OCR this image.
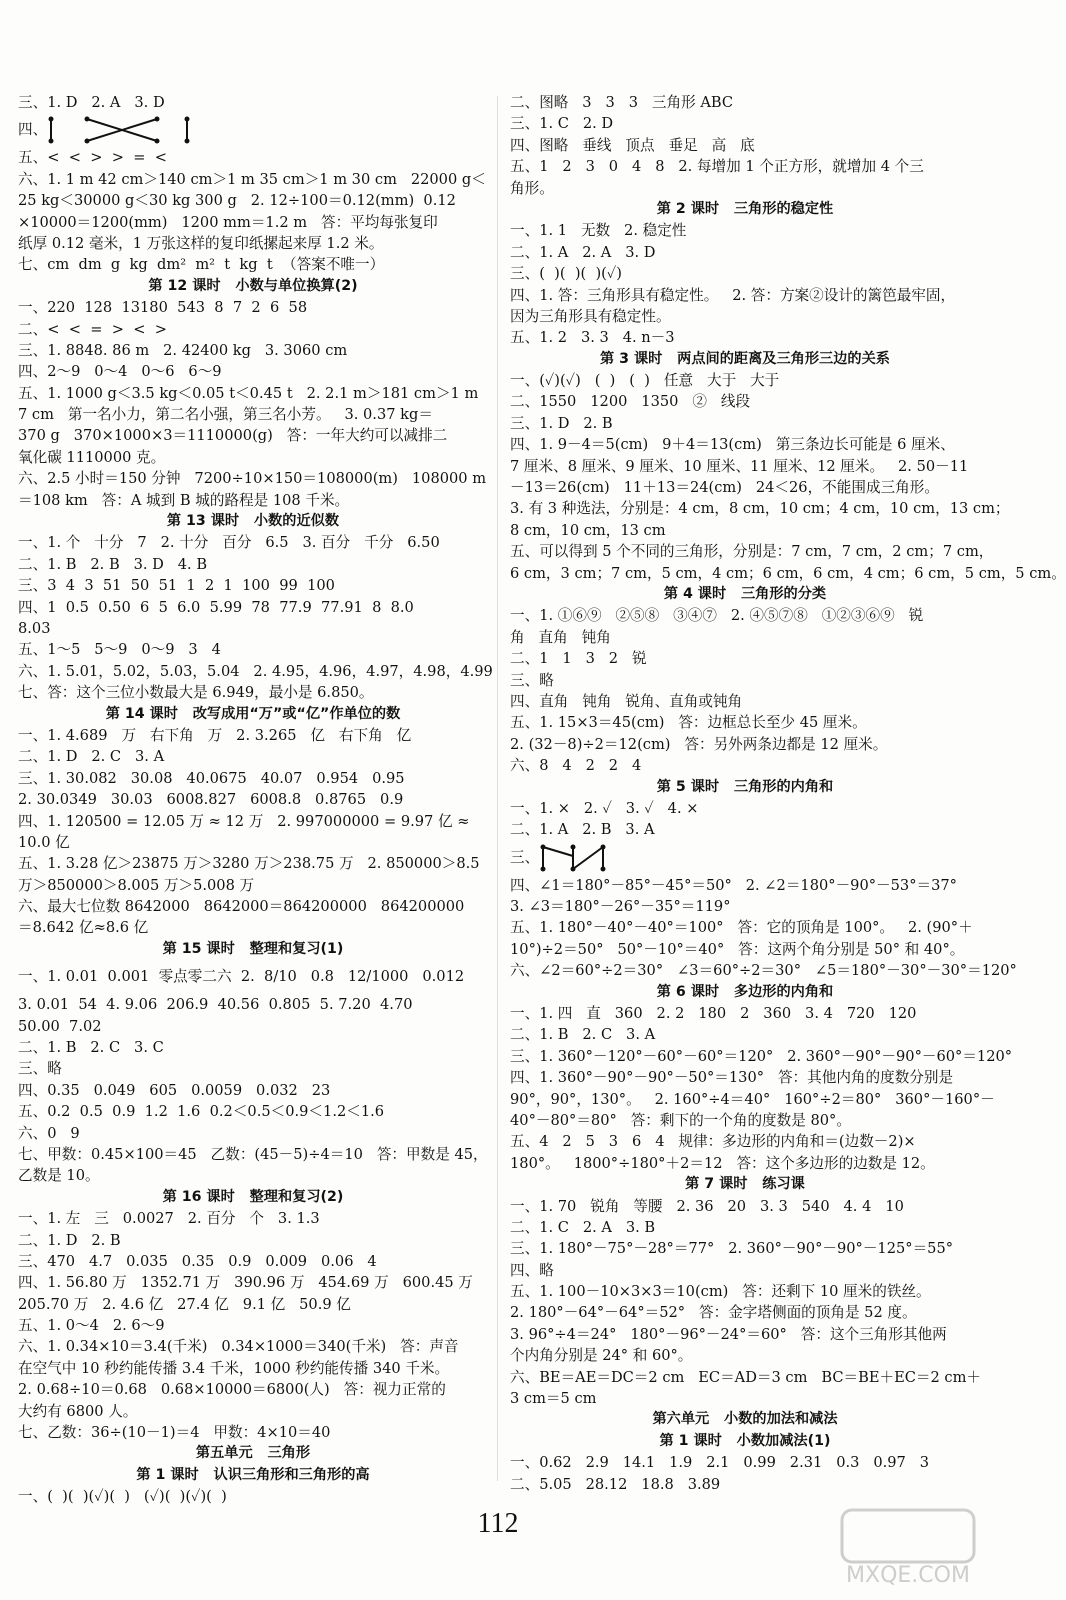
三、1. D   2. A   3. D
四、
五、<  <  >  >  =  <
六、1. 1 m 42 cm＞140 cm＞1 m 35 cm＞1 m 30 cm   22000 g＜
25 kg＜30000 g＜30 kg 300 g   2. 12÷100＝0.12(mm)  0.12
×10000＝1200(mm)   1200 mm＝1.2 m   答：平均每张复印
纸厚 0.12 毫米，1 万张这样的复印纸摞起来厚 1.2 米。
七、cm  dm  g  kg  dm²  m²  t  kg  t  （答案不唯一）
第 12 课时   小数与单位换算(2)
一、220  128  13180  543  8  7  2  6  58
二、<  <  =  >  <  >
三、1. 8848. 86 m   2. 42400 kg   3. 3060 cm
四、2～9   0～4   0～6   6～9
五、1. 1000 g＜3.5 kg＜0.05 t＜0.45 t   2. 2.1 m＞181 cm＞1 m
7 cm   第一名小力，第二名小强，第三名小芳。   3. 0.37 kg＝
370 g   370×1000×3＝1110000(g)   答：一年大约可以减排二
氧化碳 1110000 克。
六、2.5 小时＝150 分钟   7200÷10×150＝108000(m)   108000 m
＝108 km   答：A 城到 B 城的路程是 108 千米。
第 13 课时   小数的近似数
一、1. 个   十分   7   2. 十分   百分   6.5   3. 百分   千分   6.50
二、1. B   2. B   3. D   4. B
三、3  4  3  51  50  51  1  2  1  100  99  100
四、1  0.5  0.50  6  5  6.0  5.99  78  77.9  77.91  8  8.0
8.03
五、1～5   5～9   0～9   3   4
六、1. 5.01，5.02，5.03，5.04   2. 4.95，4.96，4.97，4.98，4.99
七、答：这个三位小数最大是 6.949，最小是 6.850。
第 14 课时   改写成用“万”或“亿”作单位的数
一、1. 4.689   万   右下角   万   2. 3.265   亿   右下角   亿
二、1. D   2. C   3. A
三、1. 30.082   30.08   40.0675   40.07   0.954   0.95
2. 30.0349   30.03   6008.827   6008.8   0.8765   0.9
四、1. 120500 = 12.05 万 ≈ 12 万   2. 997000000 = 9.97 亿 ≈
10.0 亿
五、1. 3.28 亿＞23875 万＞3280 万＞238.75 万   2. 850000＞8.5
万＞850000＞8.005 万＞5.008 万
六、最大七位数 8642000   8642000＝864200000   864200000
＝8.642 亿≈8.6 亿
第 15 课时   整理和复习(1)
一、1. 0.01  0.001  零点零二六  2.  8/10   0.8   12/1000   0.012
3. 0.01  54  4. 9.06  206.9  40.56  0.805  5. 7.20  4.70
50.00  7.02
二、1. B   2. C   3. C
三、略
四、0.35   0.049   605   0.0059   0.032   23
五、0.2  0.5  0.9  1.2  1.6  0.2＜0.5＜0.9＜1.2＜1.6
六、0   9
七、甲数：0.45×100＝45   乙数：(45－5)÷4＝10   答：甲数是 45，
乙数是 10。
第 16 课时   整理和复习(2)
一、1. 左   三   0.0027   2. 百分   个   3. 1.3
二、1. D   2. B
三、470   4.7   0.035   0.35   0.9   0.009   0.06   4
四、1. 56.80 万   1352.71 万   390.96 万   454.69 万   600.45 万
205.70 万   2. 4.6 亿   27.4 亿   9.1 亿   50.9 亿
五、1. 0～4   2. 6～9
六、1. 0.34×10＝3.4(千米)   0.34×1000＝340(千米)   答：声音
在空气中 10 秒约能传播 3.4 千米，1000 秒约能传播 340 千米。
2. 0.68÷10＝0.68   0.68×10000＝6800(人)   答：视力正常的
大约有 6800 人。
七、乙数：36÷(10－1)＝4   甲数：4×10＝40
第五单元   三角形
第 1 课时   认识三角形和三角形的高
一、(  )(  )(✓)(  )   (✓)(  )(✓)(  )
二、图略   3   3   3   三角形 ABC
三、1. C   2. D
四、图略   垂线   顶点   垂足   高   底
五、1   2   3   0   4   8   2. 每增加 1 个正方形，就增加 4 个三
角形。
第 2 课时   三角形的稳定性
一、1. 1   无数   2. 稳定性
二、1. A   2. A   3. D
三、(  )(  )(  )(✓)
四、1. 答：三角形具有稳定性。   2. 答：方案②设计的篱笆最牢固，
因为三角形具有稳定性。
五、1. 2   3. 3   4. n－3
第 3 课时   两点间的距离及三角形三边的关系
一、(✓)(✓)   (  )   (  )   任意   大于   大于
二、1550   1200   1350   ②   线段
三、1. D   2. B
四、1. 9－4＝5(cm)   9＋4＝13(cm)   第三条边长可能是 6 厘米、
7 厘米、8 厘米、9 厘米、10 厘米、11 厘米、12 厘米。   2. 50－11
－13＝26(cm)   11＋13＝24(cm)   24＜26，不能围成三角形。
3. 有 3 种选法，分别是：4 cm，8 cm，10 cm；4 cm，10 cm，13 cm；
8 cm，10 cm，13 cm
五、可以得到 5 个不同的三角形，分别是：7 cm，7 cm，2 cm；7 cm，
6 cm，3 cm；7 cm，5 cm，4 cm；6 cm，6 cm，4 cm；6 cm，5 cm，5 cm。
第 4 课时   三角形的分类
一、1. ①⑥⑨   ②⑤⑧   ③④⑦   2. ④⑤⑦⑧   ①②③⑥⑨   锐
角   直角   钝角
二、1   1   3   2   锐
三、略
四、直角   钝角   锐角、直角或钝角
五、1. 15×3＝45(cm)   答：边框总长至少 45 厘米。
2. (32－8)÷2＝12(cm)   答：另外两条边都是 12 厘米。
六、8   4   2   2   4
第 5 课时   三角形的内角和
一、1. ×   2. ✓   3. ✓   4. ×
二、1. A   2. B   3. A
三、
四、∠1＝180°－85°－45°＝50°   2. ∠2＝180°－90°－53°＝37°
3. ∠3＝180°－26°－35°＝119°
五、1. 180°－40°－40°＝100°   答：它的顶角是 100°。   2. (90°＋
10°)÷2＝50°   50°－10°＝40°   答：这两个角分别是 50° 和 40°。
六、∠2＝60°÷2＝30°   ∠3＝60°÷2＝30°   ∠5＝180°－30°－30°＝120°
第 6 课时   多边形的内角和
一、1. 四   直   360   2. 2   180   2   360   3. 4   720   120
二、1. B   2. C   3. A
三、1. 360°－120°－60°－60°＝120°   2. 360°－90°－90°－60°＝120°
四、1. 360°－90°－90°－50°＝130°   答：其他内角的度数分别是
90°，90°，130°。   2. 160°÷4＝40°   160°÷2＝80°   360°－160°－
40°－80°＝80°   答：剩下的一个角的度数是 80°。
五、4   2   5   3   6   4   规律：多边形的内角和＝(边数－2)×
180°。   1800°÷180°＋2＝12   答：这个多边形的边数是 12。
第 7 课时   练习课
一、1. 70   锐角   等腰   2. 36   20   3. 3   540   4. 4   10
二、1. C   2. A   3. B
三、1. 180°－75°－28°＝77°   2. 360°－90°－90°－125°＝55°
四、略
五、1. 100－10×3×3＝10(cm)   答：还剩下 10 厘米的铁丝。
2. 180°－64°－64°＝52°   答：金字塔侧面的顶角是 52 度。
3. 96°÷4＝24°   180°－96°－24°＝60°   答：这个三角形其他两
个内角分别是 24° 和 60°。
六、BE＝AE＝DC＝2 cm   EC＝AD＝3 cm   BC＝BE＋EC＝2 cm＋
3 cm＝5 cm
第六单元   小数的加法和减法
第 1 课时   小数加减法(1)
一、0.62   2.9   14.1   1.9   2.1   0.99   2.31   0.3   0.97   3
二、5.05   28.12   18.8   3.89
112
MXQE.COM
